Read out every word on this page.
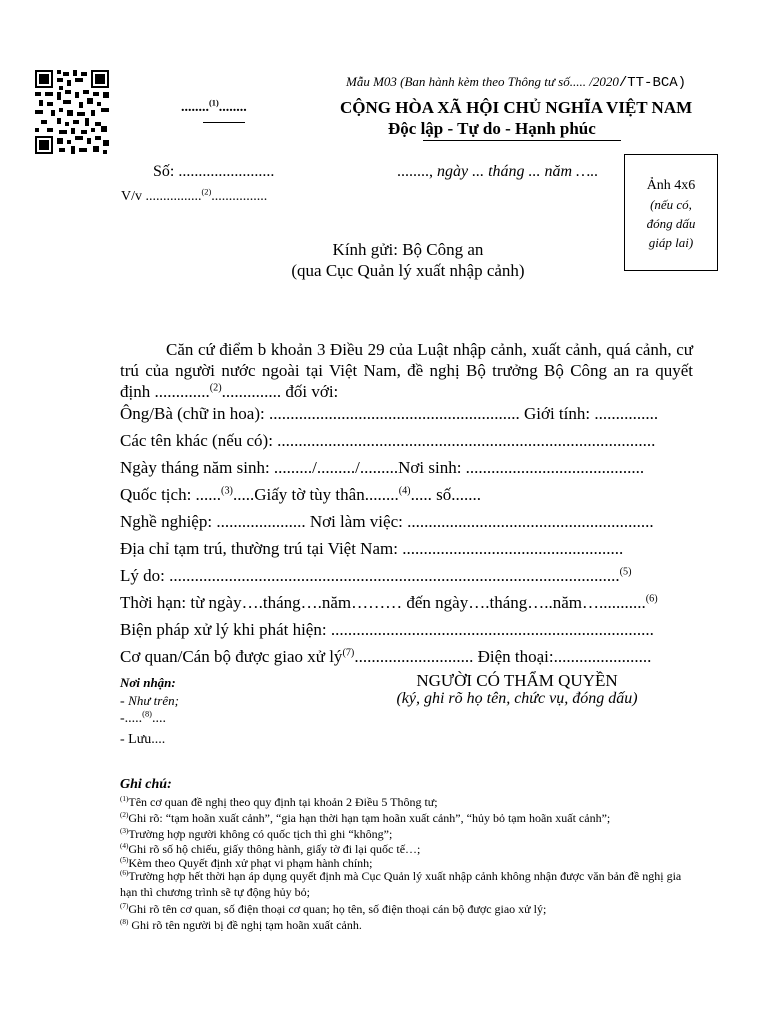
Mẫu M03 (Ban hành kèm theo Thông tư số..... /2020/TT-BCA)
........$^{(1)}$........	CỘNG HÒA XÃ HỘI CHỦ NGHĨA VIỆT NAM
Độc lập - Tự do - Hạnh phúc
Số: ........................	........, ngày ... tháng ... năm …..
V/v ................$^{(2)}$................
Ảnh 4x6
(nếu có,
đóng dấu
giáp lai)
Kính gửi: Bộ Công an
(qua Cục Quản lý xuất nhập cảnh)
Căn cứ điểm b khoản 3 Điều 29 của Luật nhập cảnh, xuất cảnh, quá cảnh, cư trú của người nước ngoài tại Việt Nam, đề nghị Bộ trưởng Bộ Công an ra quyết định .............$^{(2)}$.............. đối với:
Ông/Bà (chữ in hoa): ........................................................... Giới tính: ...............
Các tên khác (nếu có): .........................................................................................
Ngày tháng năm sinh: ........./........./.........Nơi sinh: ..........................................
Quốc tịch: ......$^{(3)}$.....Giấy tờ tùy thân........$^{(4)}$..... số.......
Nghề nghiệp: ..................... Nơi làm việc: ..........................................................
Địa chỉ tạm trú, thường trú tại Việt Nam: ....................................................
Lý do: ..........................................................................................................$^{(5)}$
Thời hạn: từ ngày….tháng….năm……… đến ngày….tháng…..năm…...........$^{(6)}$
Biện pháp xử lý khi phát hiện: ............................................................................
Cơ quan/Cán bộ được giao xử $lý^{(7)}$............................ Điện thoại:.......................
Nơi nhận:
- Như trên;
-.....$^{(8)}$....
- Lưu....
NGƯỜI CÓ THẨM QUYỀN
(ký, ghi rõ họ tên, chức vụ, đóng dấu)
Ghi chú:
$^{(1)}$Tên cơ quan đề nghị theo quy định tại khoản 2 Điều 5 Thông tư;
$^{(2)}$Ghi rõ: “tạm hoãn xuất cảnh”, “gia hạn thời hạn tạm hoãn xuất cảnh”, “hủy bỏ tạm hoãn xuất cảnh”;
$^{(3)}$Trường hợp người không có quốc tịch thì ghi “không”;
$^{(4)}$Ghi rõ số hộ chiếu, giấy thông hành, giấy tờ đi lại quốc tế…;
$^{(5)}$Kèm theo Quyết định xử phạt vi phạm hành chính;
$^{(6)}$Trường hợp hết thời hạn áp dụng quyết định mà Cục Quản lý xuất nhập cảnh không nhận được văn bản đề nghị gia hạn thì chương trình sẽ tự động hủy bỏ;
$^{(7)}$Ghi rõ tên cơ quan, số điện thoại cơ quan; họ tên, số điện thoại cán bộ được giao xử lý;
$^{(8)}$ Ghi rõ tên người bị đề nghị tạm hoãn xuất cảnh.
